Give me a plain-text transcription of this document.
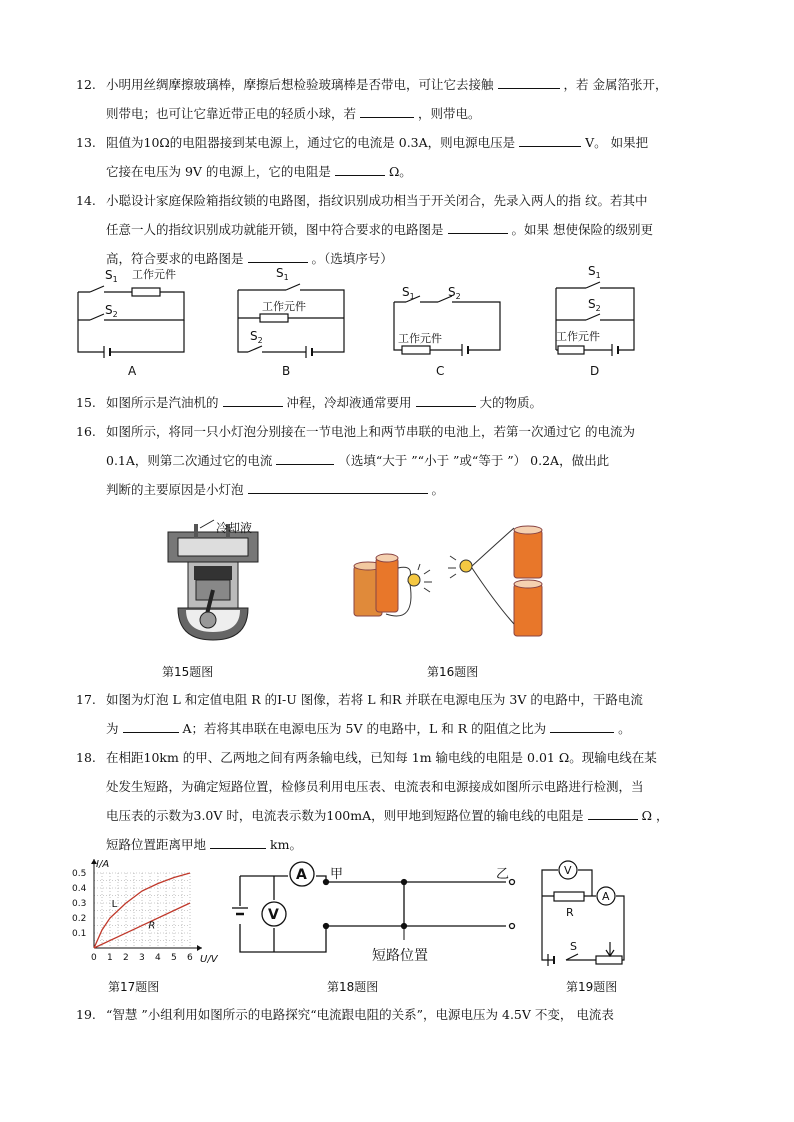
12. 小明用丝绸摩擦玻璃棒，摩擦后想检验玻璃棒是否带电，可让它去接触	，若 金属箔张开，
则带电；也可让它靠近带正电的轻质小球，若	，则带电。
13. 阻值为10Ω的电阻器接到某电源上，通过它的电流是 0.3A，则电源电压是	V。 如果把
它接在电压为 9V 的电源上，它的电阻是	Ω。
14. 小聪设计家庭保险箱指纹锁的电路图，指纹识别成功相当于开关闭合，先录入两人的指 纹。若其中
任意一人的指纹识别成功就能开锁，图中符合要求的电路图是	。如果 想使保险的级别更
高，符合要求的电路图是	。（选填序号）
$S_1$ 工作元件
$S_2$
A
$S_1$
工作元件
$S_2$
B
$S_1$	$S_2$
工作元件
C
$S_1$
$S_2$
工作元件
D
15. 如图所示是汽油机的	冲程，冷却液通常要用	大的物质。
16. 如图所示，将同一只小灯泡分别接在一节电池上和两节串联的电池上，若第一次通过它 的电流为
0.1A，则第二次通过它的电流	（选填“大于 ”“小于 ”或“等于 ”） 0.2A，做出此
判断的主要原因是小灯泡	。
冷却液
第15题图	第16题图
17. 如图为灯泡 L 和定值电阻 R 的I-U 图像，若将 L 和R 并联在电源电压为 3V 的电路中，干路电流
为	A；若将其串联在电源电压为 5V 的电路中，L 和 R 的阻值之比为	。
18. 在相距10km 的甲、乙两地之间有两条输电线，已知每 1m 输电线的电阻是 0.01 Ω。现输电线在某
处发生短路，为确定短路位置，检修员利用电压表、电流表和电源接成如图所示电路进行检测，当
电压表的示数为3.0V 时，电流表示数为100mA，则甲地到短路位置的输电线的电阻是	Ω ，
短路位置距离甲地	km。
0 1 2 3 4 5 6
0.1
0.2
0.3
0.4
0.5
I/A
U/V
L
R
第17题图
A
V
甲	乙
短路位置
第18题图
V
A
R
S
第19题图
19. “智慧 ”小组利用如图所示的电路探究“电流跟电阻的关系”，电源电压为 4.5V 不变， 电流表
